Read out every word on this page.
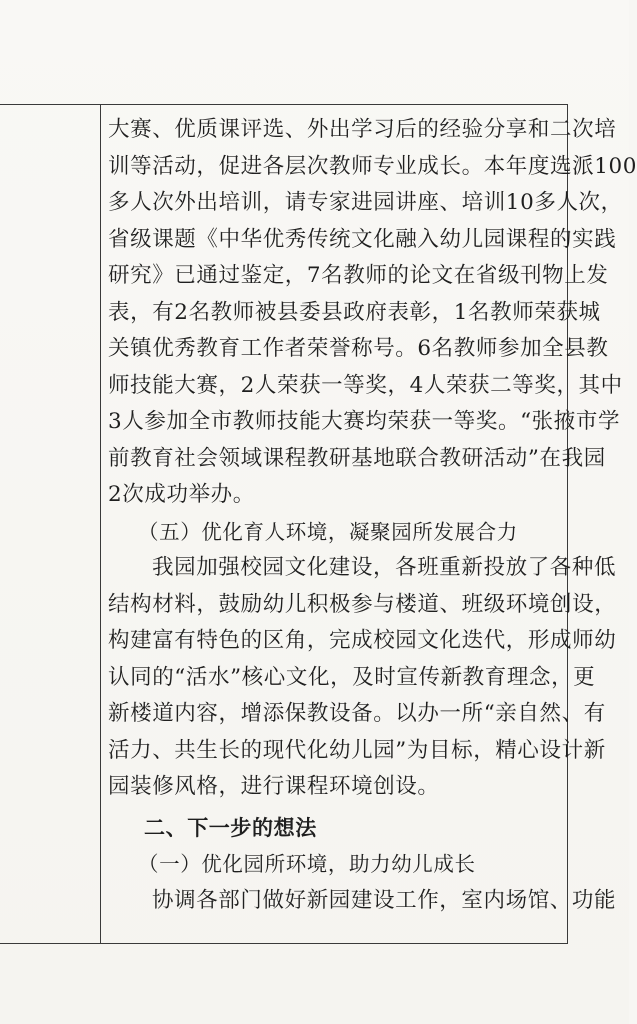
大赛、优质课评选、外出学习后的经验分享和二次培
训等活动，促进各层次教师专业成长。本年度选派100
多人次外出培训，请专家进园讲座、培训10多人次，
省级课题《中华优秀传统文化融入幼儿园课程的实践
研究》已通过鉴定，7名教师的论文在省级刊物上发
表，有2名教师被县委县政府表彰，1名教师荣获城
关镇优秀教育工作者荣誉称号。6名教师参加全县教
师技能大赛，2人荣获一等奖，4人荣获二等奖，其中
3人参加全市教师技能大赛均荣获一等奖。“张掖市学
前教育社会领域课程教研基地联合教研活动”在我园
2次成功举办。
（五）优化育人环境，凝聚园所发展合力
我园加强校园文化建设，各班重新投放了各种低
结构材料，鼓励幼儿积极参与楼道、班级环境创设，
构建富有特色的区角，完成校园文化迭代，形成师幼
认同的“活水”核心文化，及时宣传新教育理念，更
新楼道内容，增添保教设备。以办一所“亲自然、有
活力、共生长的现代化幼儿园”为目标，精心设计新
园装修风格，进行课程环境创设。
二、下一步的想法
（一）优化园所环境，助力幼儿成长
协调各部门做好新园建设工作，室内场馆、功能
